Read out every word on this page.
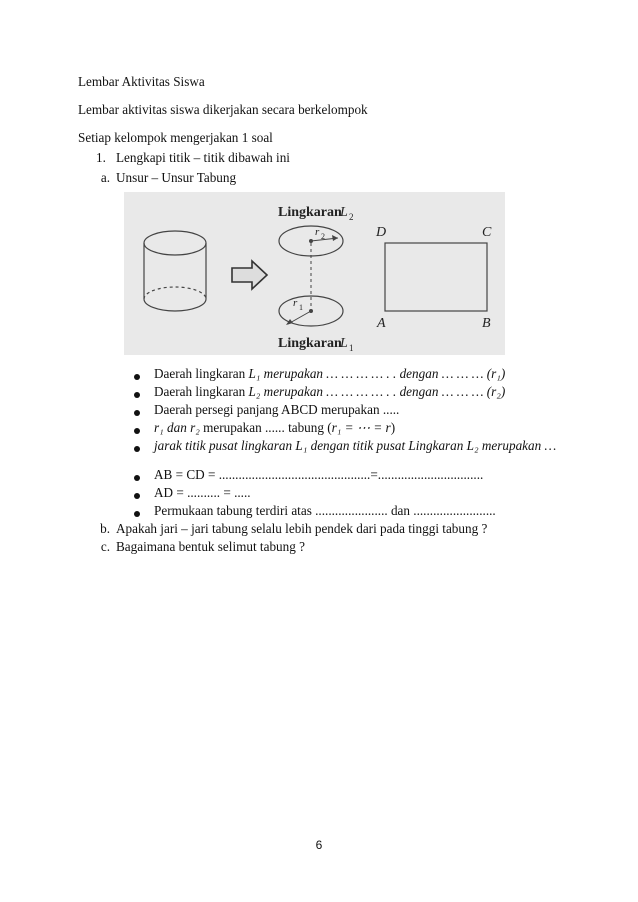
Lembar Aktivitas Siswa
Lembar aktivitas siswa dikerjakan secara berkelompok
Setiap kelompok mengerjakan 1 soal
1. Lengkapi titik – titik dibawah ini
a. Unsur – Unsur Tabung
Lingkaran
L 2
r 2
r 1
Lingkaran
L 1
D	C
A	B
Daerah lingkaran L₁ merupakan … … … … . . dengan … … … (r₁)
Daerah lingkaran L₂ merupakan … … … … . . dengan … … … (r₂)
Daerah persegi panjang ABCD merupakan .....
r₁ dan r₂ merupakan ...... tabung (r₁ = ⋯ = r)
jarak titik pusat lingkaran L₁ dengan titik pusat Lingkaran L₂ merupakan …
AB = CD = ..............................................=................................
AD = .......... = .....
Permukaan tabung terdiri atas ...................... dan .........................
b. Apakah jari – jari tabung selalu lebih pendek dari pada tinggi tabung ?
c. Bagaimana bentuk selimut tabung ?
6
